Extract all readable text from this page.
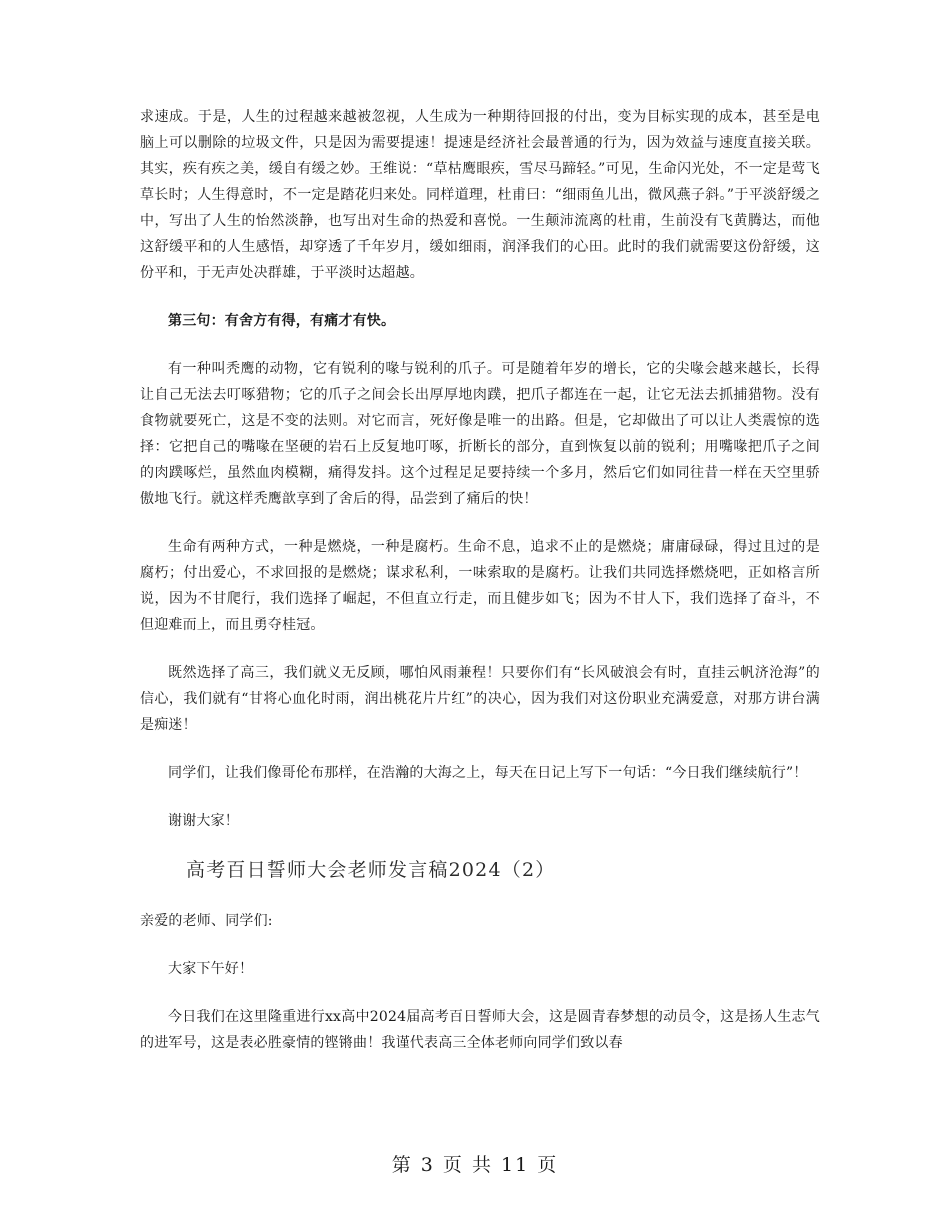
求速成。于是，人生的过程越来越被忽视，人生成为一种期待回报的付出，变为目标实现的成本，甚至是电脑上可以删除的垃圾文件，只是因为需要提速！提速是经济社会最普通的行为，因为效益与速度直接关联。其实，疾有疾之美，缓自有缓之妙。王维说：“草枯鹰眼疾，雪尽马蹄轻。”可见，生命闪光处，不一定是莺飞草长时；人生得意时，不一定是踏花归来处。同样道理，杜甫曰：“细雨鱼儿出，微风燕子斜。”于平淡舒缓之中，写出了人生的怡然淡静，也写出对生命的热爱和喜悦。一生颠沛流离的杜甫，生前没有飞黄腾达，而他这舒缓平和的人生感悟，却穿透了千年岁月，缓如细雨，润泽我们的心田。此时的我们就需要这份舒缓，这份平和，于无声处决群雄，于平淡时达超越。

第三句：有舍方有得，有痛才有快。

有一种叫秃鹰的动物，它有锐利的喙与锐利的爪子。可是随着年岁的增长，它的尖喙会越来越长，长得让自己无法去叮啄猎物；它的爪子之间会长出厚厚地肉蹼，把爪子都连在一起，让它无法去抓捕猎物。没有食物就要死亡，这是不变的法则。对它而言，死好像是唯一的出路。但是，它却做出了可以让人类震惊的选择：它把自己的嘴喙在坚硬的岩石上反复地叮啄，折断长的部分，直到恢复以前的锐利；用嘴喙把爪子之间的肉蹼啄烂，虽然血肉模糊，痛得发抖。这个过程足足要持续一个多月，然后它们如同往昔一样在天空里骄傲地飞行。就这样秃鹰歆享到了舍后的得，品尝到了痛后的快！

生命有两种方式，一种是燃烧，一种是腐朽。生命不息，追求不止的是燃烧；庸庸碌碌，得过且过的是腐朽；付出爱心，不求回报的是燃烧；谋求私利，一味索取的是腐朽。让我们共同选择燃烧吧，正如格言所说，因为不甘爬行，我们选择了崛起，不但直立行走，而且健步如飞；因为不甘人下，我们选择了奋斗，不但迎难而上，而且勇夺桂冠。

既然选择了高三，我们就义无反顾，哪怕风雨兼程！只要你们有“长风破浪会有时，直挂云帆济沧海”的信心，我们就有“甘将心血化时雨，润出桃花片片红”的决心，因为我们对这份职业充满爱意，对那方讲台满是痴迷！

同学们，让我们像哥伦布那样，在浩瀚的大海之上，每天在日记上写下一句话：“今日我们继续航行”！

谢谢大家！

高考百日誓师大会老师发言稿2024（2）

亲爱的老师、同学们:

大家下午好！

今日我们在这里隆重进行xx高中2024届高考百日誓师大会，这是圆青春梦想的动员令，这是扬人生志气的进军号，这是表必胜豪情的铿锵曲！我谨代表高三全体老师向同学们致以春

第 3 页 共 11 页
